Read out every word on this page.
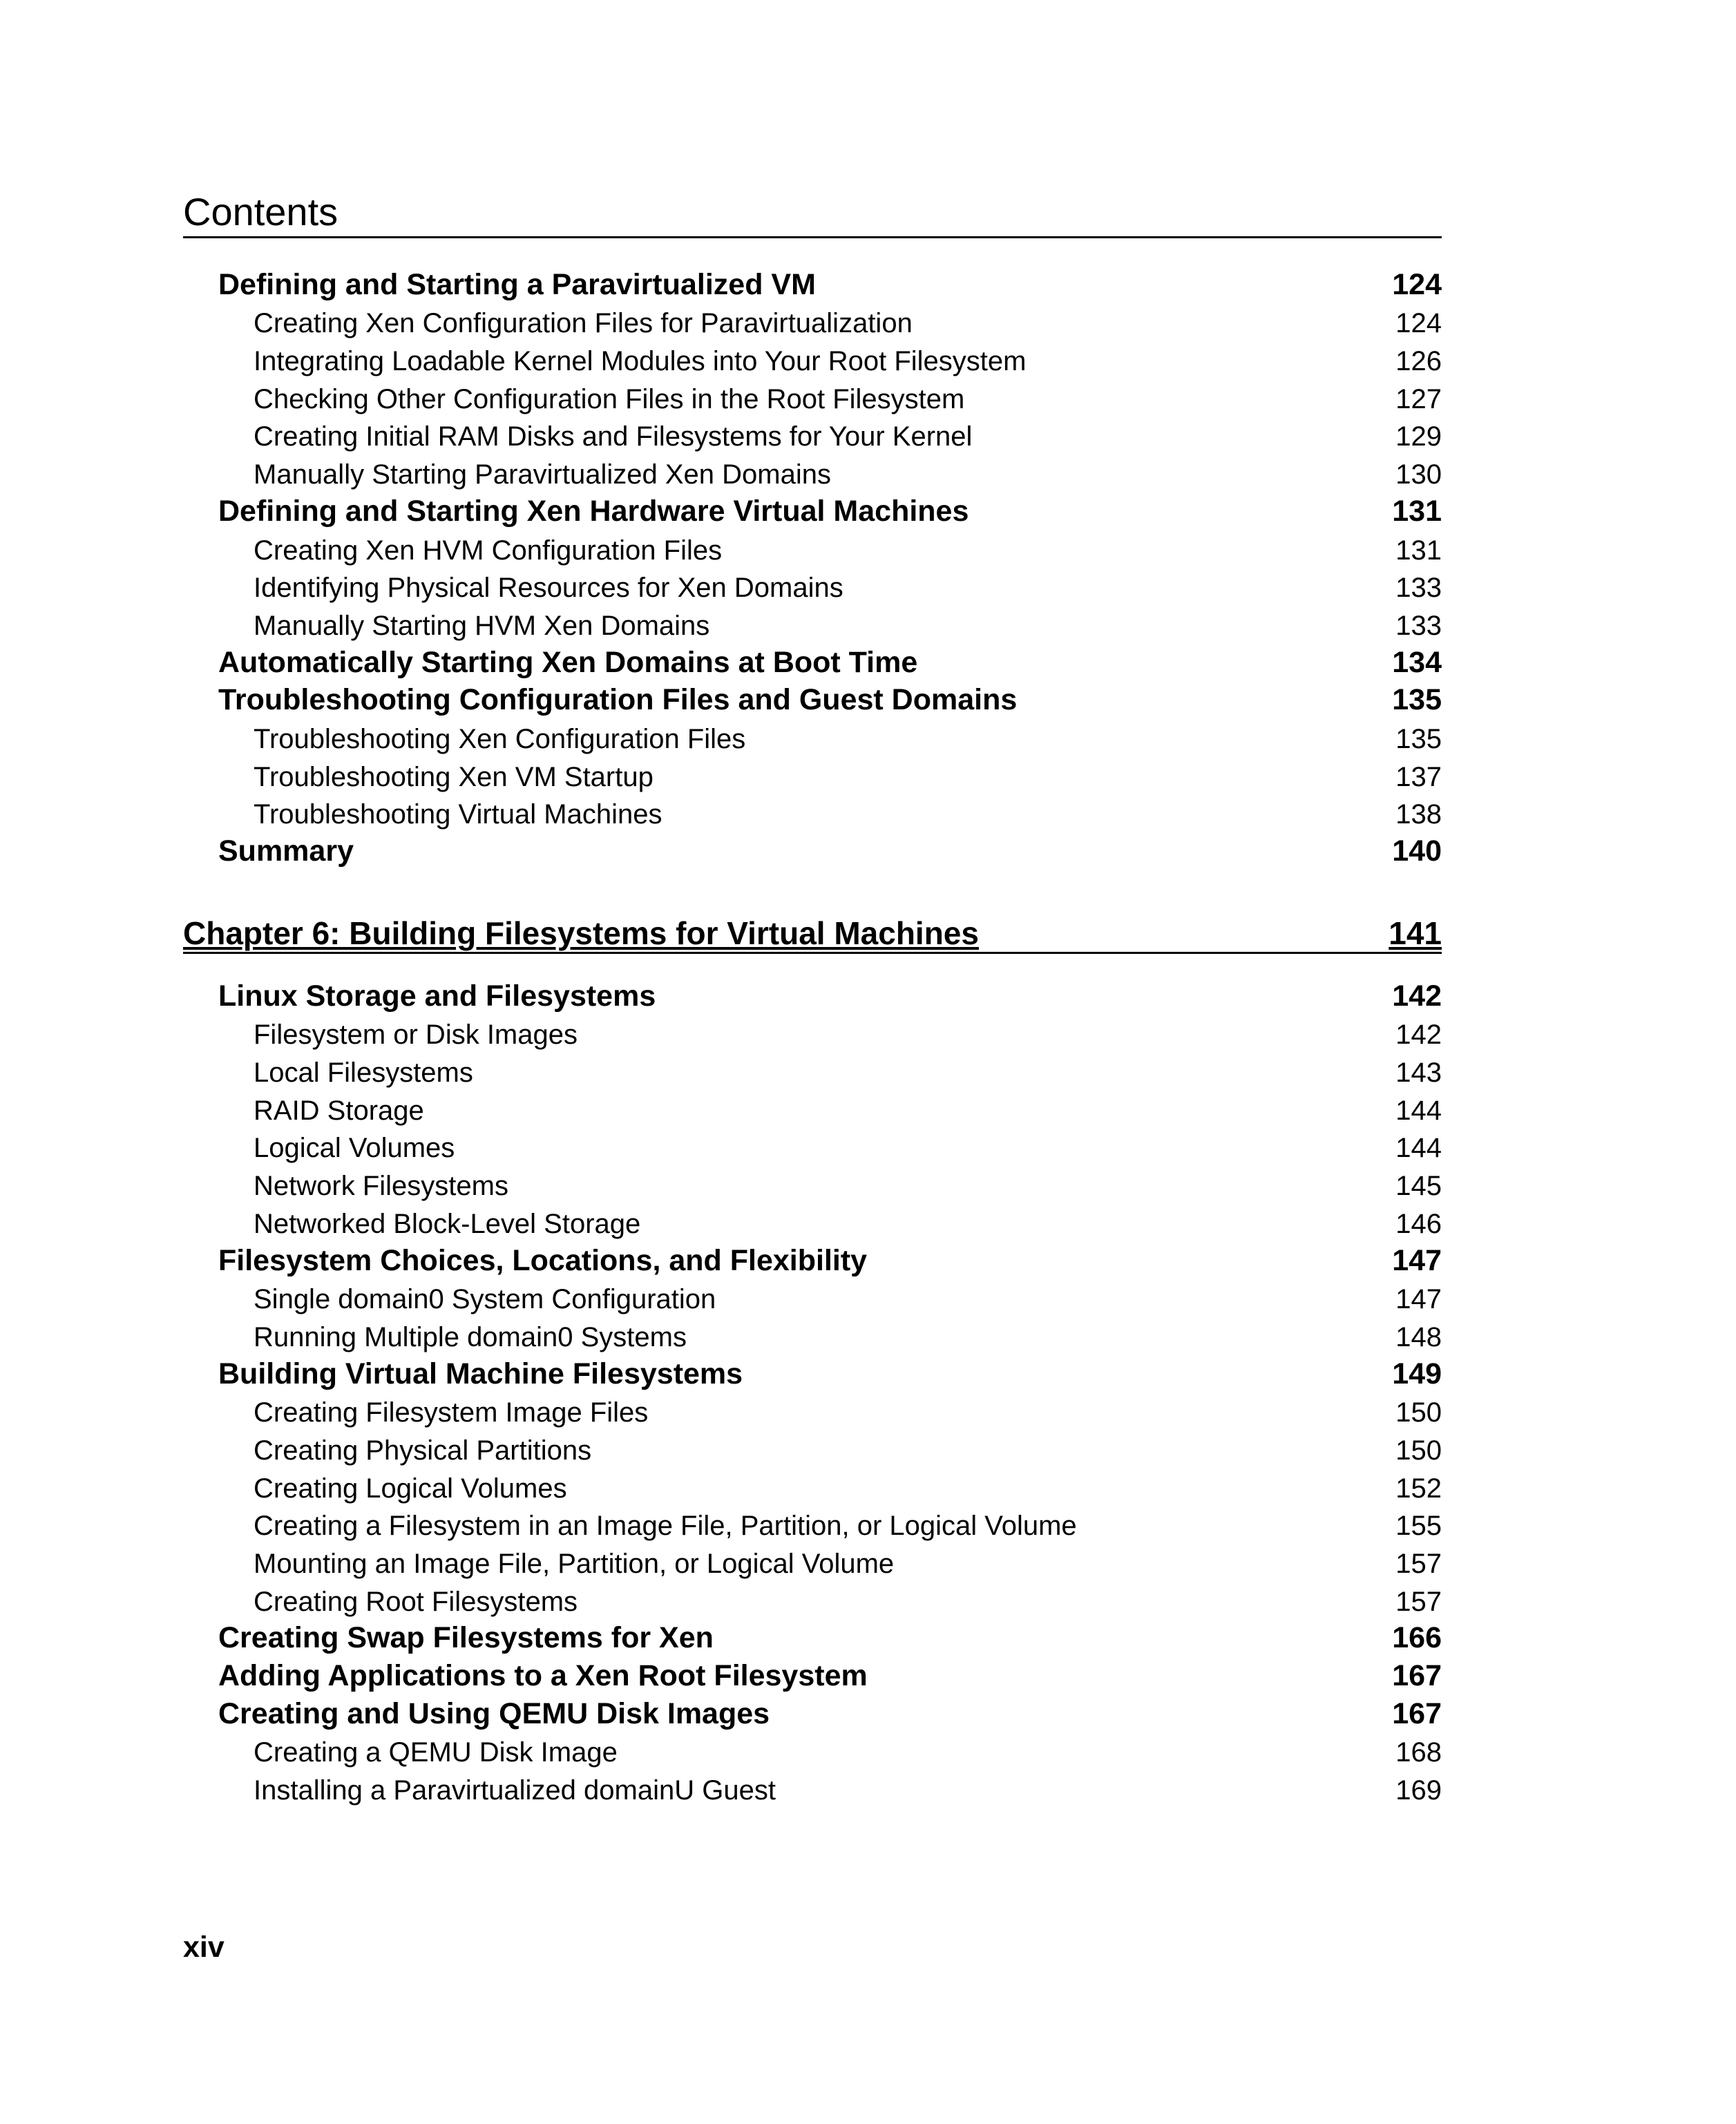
Contents
Defining and Starting a Paravirtualized VM	124
Creating Xen Configuration Files for Paravirtualization	124
Integrating Loadable Kernel Modules into Your Root Filesystem	126
Checking Other Configuration Files in the Root Filesystem	127
Creating Initial RAM Disks and Filesystems for Your Kernel	129
Manually Starting Paravirtualized Xen Domains	130
Defining and Starting Xen Hardware Virtual Machines	131
Creating Xen HVM Configuration Files	131
Identifying Physical Resources for Xen Domains	133
Manually Starting HVM Xen Domains	133
Automatically Starting Xen Domains at Boot Time	134
Troubleshooting Configuration Files and Guest Domains	135
Troubleshooting Xen Configuration Files	135
Troubleshooting Xen VM Startup	137
Troubleshooting Virtual Machines	138
Summary	140
Chapter 6: Building Filesystems for Virtual Machines	141
Linux Storage and Filesystems	142
Filesystem or Disk Images	142
Local Filesystems	143
RAID Storage	144
Logical Volumes	144
Network Filesystems	145
Networked Block-Level Storage	146
Filesystem Choices, Locations, and Flexibility	147
Single domain0 System Configuration	147
Running Multiple domain0 Systems	148
Building Virtual Machine Filesystems	149
Creating Filesystem Image Files	150
Creating Physical Partitions	150
Creating Logical Volumes	152
Creating a Filesystem in an Image File, Partition, or Logical Volume	155
Mounting an Image File, Partition, or Logical Volume	157
Creating Root Filesystems	157
Creating Swap Filesystems for Xen	166
Adding Applications to a Xen Root Filesystem	167
Creating and Using QEMU Disk Images	167
Creating a QEMU Disk Image	168
Installing a Paravirtualized domainU Guest	169
xiv
